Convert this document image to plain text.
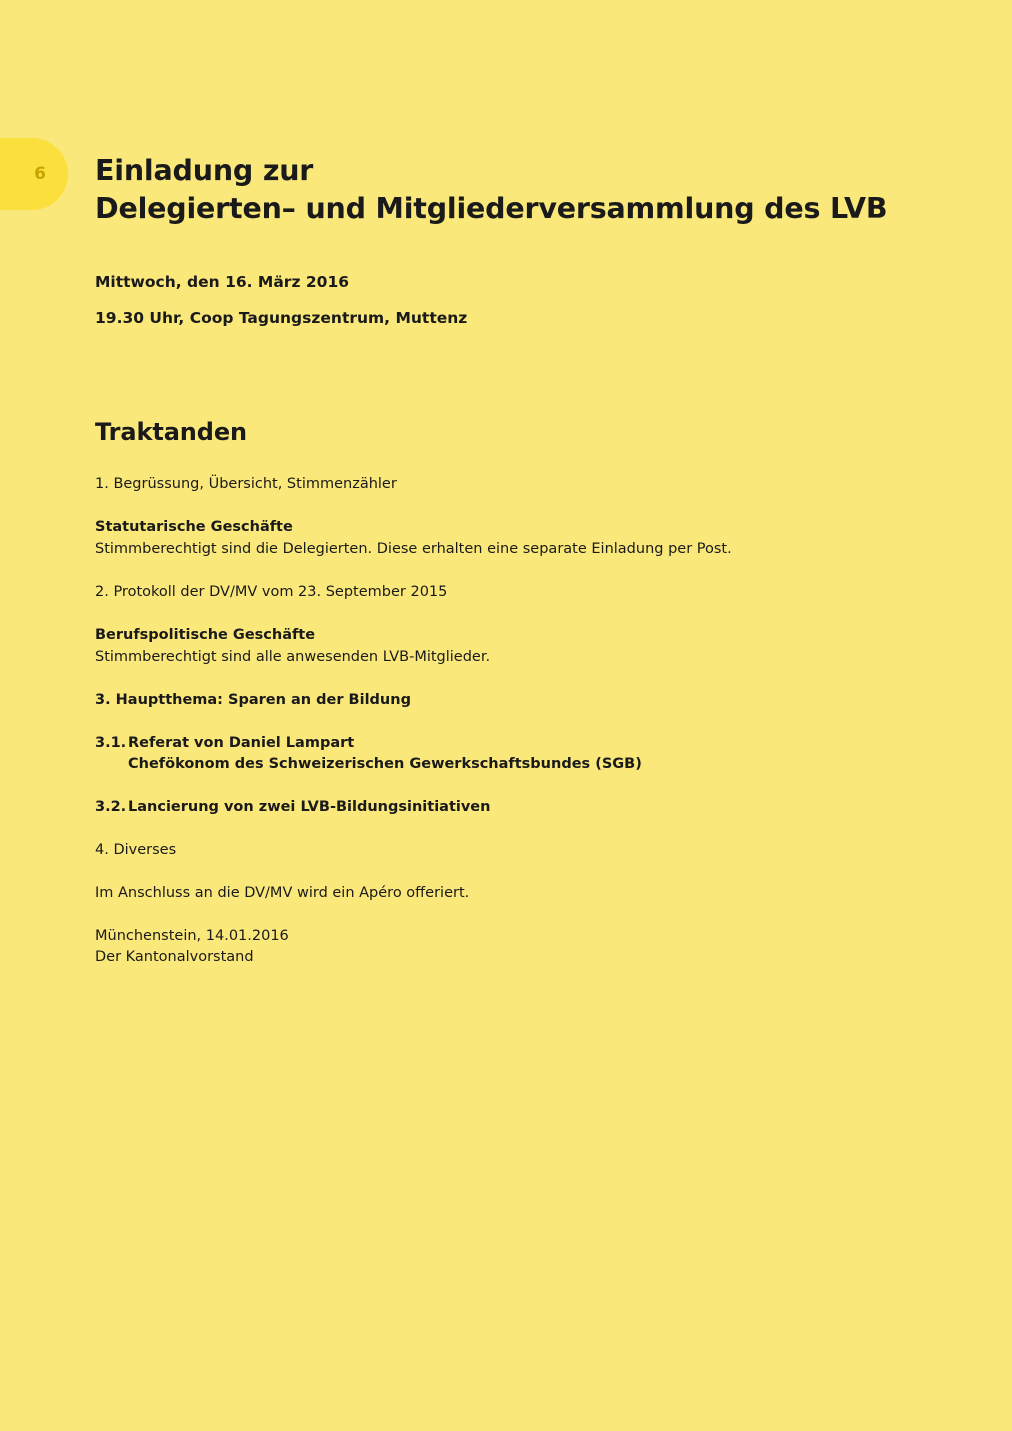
6 Einladung zur
Delegierten– und Mitgliederversammlung des LVB
Mittwoch, den 16. März 2016
19.30 Uhr, Coop Tagungszentrum, Muttenz
Traktanden
1. Begrüssung, Übersicht, Stimmenzähler
Statutarische Geschäfte
Stimmberechtigt sind die Delegierten. Diese erhalten eine separate Einladung per Post.
2. Protokoll der DV/MV vom 23. September 2015
Berufspolitische Geschäfte
Stimmberechtigt sind alle anwesenden LVB-Mitglieder.
3. Hauptthema: Sparen an der Bildung
3.1. Referat von Daniel Lampart
Chefökonom des Schweizerischen Gewerkschaftsbundes (SGB)
3.2. Lancierung von zwei LVB-Bildungsinitiativen
4. Diverses
Im Anschluss an die DV/MV wird ein Apéro offeriert.
Münchenstein, 14.01.2016
Der Kantonalvorstand
